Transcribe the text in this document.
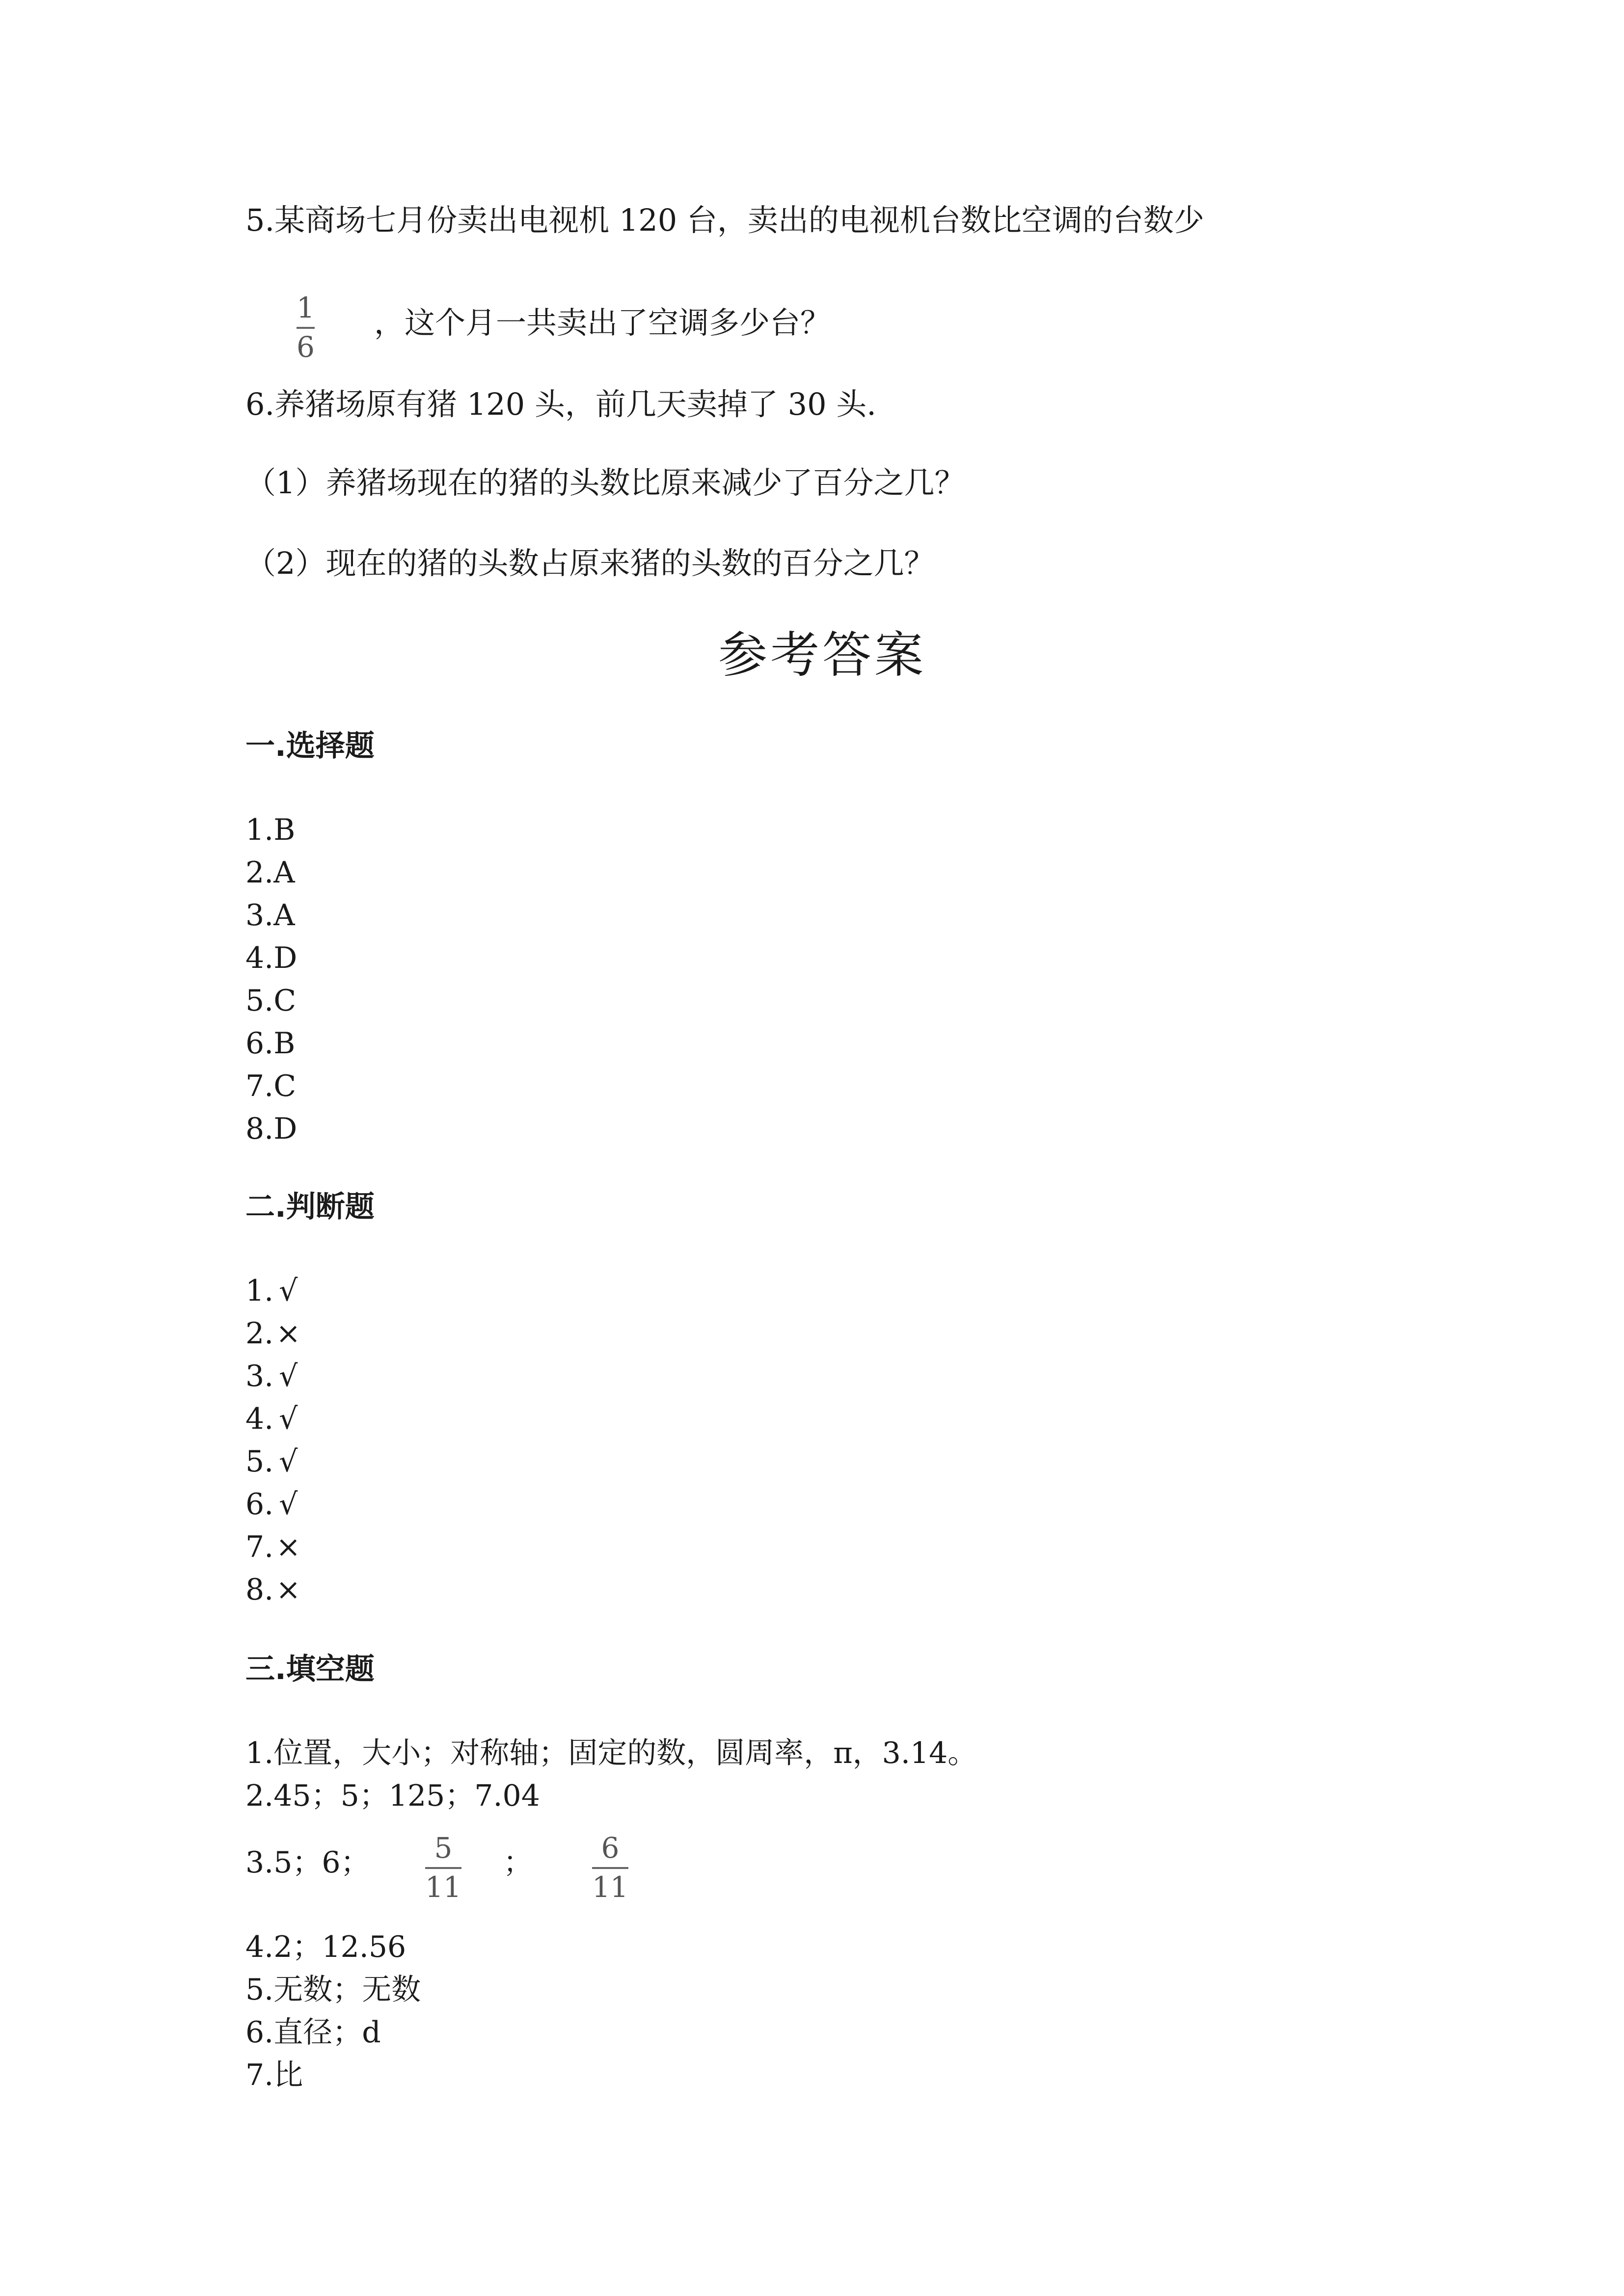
5.某商场七月份卖出电视机 120 台，卖出的电视机台数比空调的台数少
1
6
，这个月一共卖出了空调多少台？
6.养猪场原有猪 120 头，前几天卖掉了 30 头.
（1）养猪场现在的猪的头数比原来减少了百分之几？
（2）现在的猪的头数占原来猪的头数的百分之几？
参考答案
一.选择题
1.B
2.A
3.A
4.D
5.C
6.B
7.C
8.D
二.判断题
1. √
2.×
3. √
4. √
5. √
6. √
7.×
8.×
三.填空题
1.位置，大小；对称轴；固定的数，圆周率，π，3.14。
2.45；5；125；7.04
3.5；6； 5
11
； 6
11
4.2；12.56
5.无数；无数
6.直径；d
7.比
